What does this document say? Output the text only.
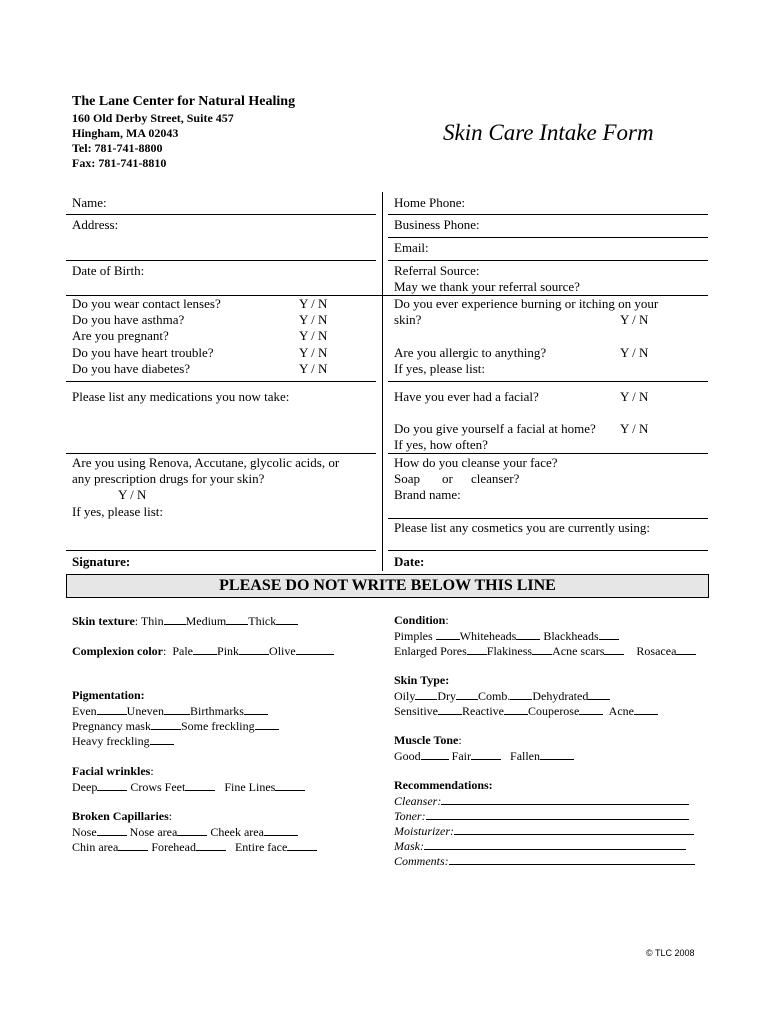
The Lane Center for Natural Healing
160 Old Derby Street, Suite 457
Hingham, MA 02043
Tel: 781-741-8800
Fax: 781-741-8810
Skin Care Intake Form
Name:
Address:
Date of Birth:
Do you wear contact lenses?	Y / N
Do you have asthma?	Y / N
Are you pregnant?	Y / N
Do you have heart trouble?	Y / N
Do you have diabetes?	Y / N
Please list any medications you now take:
Are you using Renova, Accutane, glycolic acids, or
any prescription drugs for your skin?
Y / N
If yes, please list:
Signature:
Home Phone:
Business Phone:
Email:
Referral Source:
May we thank your referral source?
Do you ever experience burning or itching on your
skin?	Y / N
Are you allergic to anything?	Y / N
If yes, please list:
Have you ever had a facial?	Y / N
Do you give yourself a facial at home? Y / N
If yes, how often?
How do you cleanse your face?
Soap or cleanser?
Brand name:
Please list any cosmetics you are currently using:
Date:
PLEASE DO NOT WRITE BELOW THIS LINE
Skin texture: Thin Medium Thick
Complexion color:  Pale Pink	Olive
Pigmentation:
Even	Uneven Birthmarks
Pregnancy mask	Some freckling
Heavy freckling
Facial wrinkles:
Deep	Crows Feet	Fine Lines
Broken Capillaries:
Nose	Nose area	Cheek area
Chin area	Forehead	Entire face
Condition:
Pimples Whiteheads Blackheads
Enlarged Pores Flakiness Acne scars	Rosacea
Skin Type:
Oily Dry Comb. Dehydrated
Sensitive Reactive Couperose Acne
Muscle Tone:
Good	Fair	Fallen
Recommendations:
Cleanser:
Toner:
Moisturizer:
Mask:
Comments:
© TLC 2008
